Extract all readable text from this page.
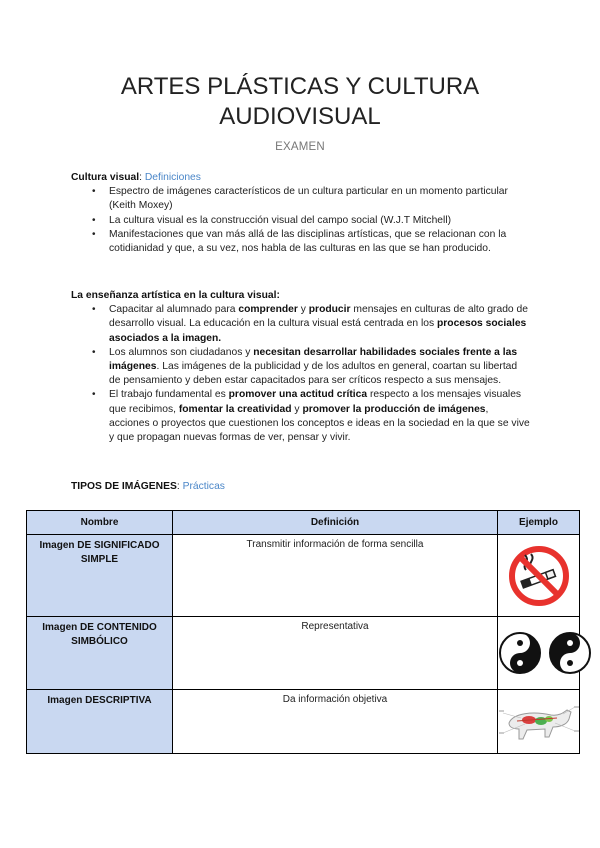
ARTES PLÁSTICAS Y CULTURA
AUDIOVISUAL
EXAMEN
Cultura visual: Definiciones
• Espectro de imágenes característicos de un cultura particular en un momento particular (Keith Moxey)
• La cultura visual es la construcción visual del campo social (W.J.T Mitchell)
• Manifestaciones que van más allá de las disciplinas artísticas, que se relacionan con la cotidianidad y que, a su vez, nos habla de las culturas en las que se han producido.
La enseñanza artística en la cultura visual:
• Capacitar al alumnado para comprender y producir mensajes en culturas de alto grado de desarrollo visual. La educación en la cultura visual está centrada en los procesos sociales asociados a la imagen.
• Los alumnos son ciudadanos y necesitan desarrollar habilidades sociales frente a las imágenes. Las imágenes de la publicidad y de los adultos en general, coartan su libertad de pensamiento y deben estar capacitados para ser críticos respecto a sus mensajes.
• El trabajo fundamental es promover una actitud crítica respecto a los mensajes visuales que recibimos, fomentar la creatividad y promover la producción de imágenes, acciones o proyectos que cuestionen los conceptos e ideas en la sociedad en la que se vive y que propagan nuevas formas de ver, pensar y vivir.
TIPOS DE IMÁGENES: Prácticas
Nombre	Definición	Ejemplo
Imagen DE SIGNIFICADO SIMPLE	Transmitir información de forma sencilla	

Imagen DE CONTENIDO SIMBÓLICO	Representativa	

Imagen DESCRIPTIVA	Da información objetiva	
